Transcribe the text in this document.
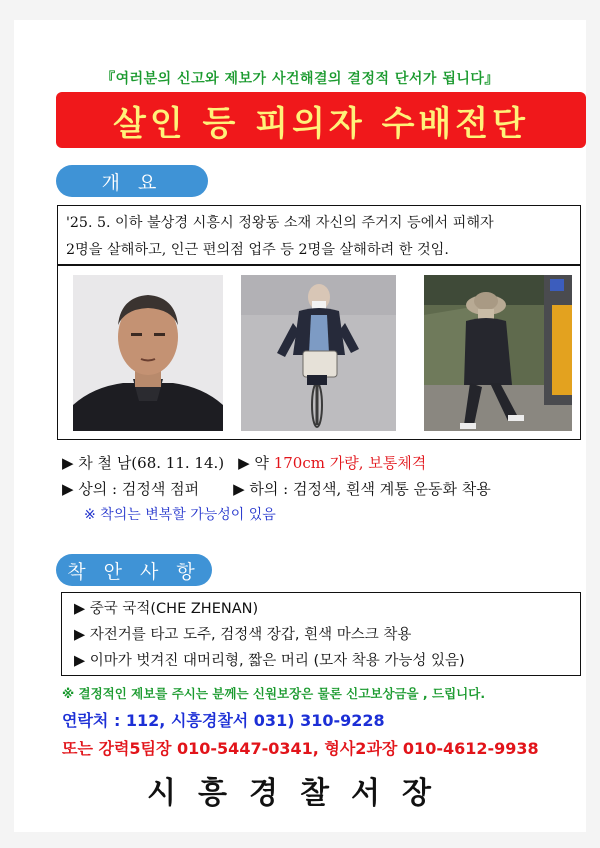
『여러분의 신고와 제보가 사건해결의 결정적 단서가 됩니다』
살인 등 피의자 수배전단
개 요
'25. 5. 이하 불상경 시흥시 정왕동 소재 자신의 주거지 등에서 피해자
2명을 살해하고, 인근 편의점 업주 등 2명을 살해하려 한 것임.
▶ 차 철 남(68. 11. 14.) ▶ 약 170cm 가량, 보통체격
▶ 상의 : 검정색 점퍼 ▶ 하의 : 검정색, 흰색 계통 운동화 착용
※ 착의는 변복할 가능성이 있음
착 안 사 항
▶ 중국 국적(CHE ZHENAN)
▶ 자전거를 타고 도주, 검정색 장갑, 흰색 마스크 착용
▶ 이마가 벗겨진 대머리형, 짧은 머리 (모자 착용 가능성 있음)
※ 결정적인 제보를 주시는 분께는 신원보장은 물론 신고보상금을 , 드립니다.
연락처 : 112, 시흥경찰서 031) 310-9228
또는 강력5팀장 010-5447-0341, 형사2과장 010-4612-9938
시흥경찰서장
